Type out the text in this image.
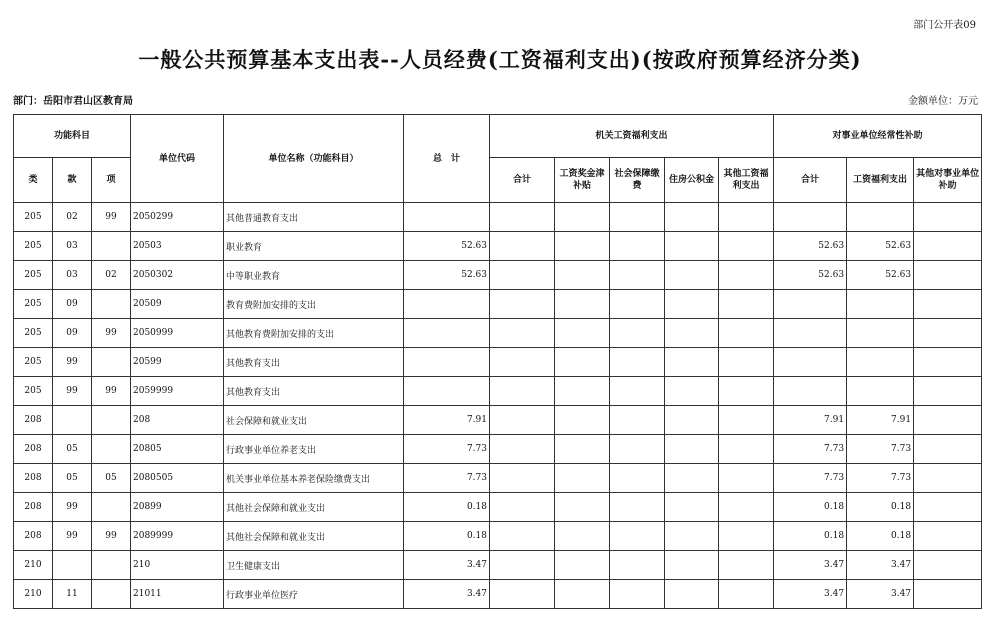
部门公开表09
一般公共预算基本支出表--人员经费(工资福利支出)(按政府预算经济分类)
部门：岳阳市君山区教育局	金额单位：万元
功能科目			单位代码	单位名称（功能科目）	总　计	机关工资福利支出					对事业单位经常性补助		
类	款	项				合计	工资奖金津补贴	社会保障缴费	住房公积金	其他工资福利支出	合计	工资福利支出	其他对事业单位补助
205	02	99	2050299	其他普通教育支出									
205	03		20503	职业教育	52.63						52.63	52.63	
205	03	02	2050302	中等职业教育	52.63						52.63	52.63	
205	09		20509	教育费附加安排的支出									
205	09	99	2050999	其他教育费附加安排的支出									
205	99		20599	其他教育支出									
205	99	99	2059999	其他教育支出									
208			208	社会保障和就业支出	7.91						7.91	7.91	
208	05		20805	行政事业单位养老支出	7.73						7.73	7.73	
208	05	05	2080505	机关事业单位基本养老保险缴费支出	7.73						7.73	7.73	
208	99		20899	其他社会保障和就业支出	0.18						0.18	0.18	
208	99	99	2089999	其他社会保障和就业支出	0.18						0.18	0.18	
210			210	卫生健康支出	3.47						3.47	3.47	
210	11		21011	行政事业单位医疗	3.47						3.47	3.47	
